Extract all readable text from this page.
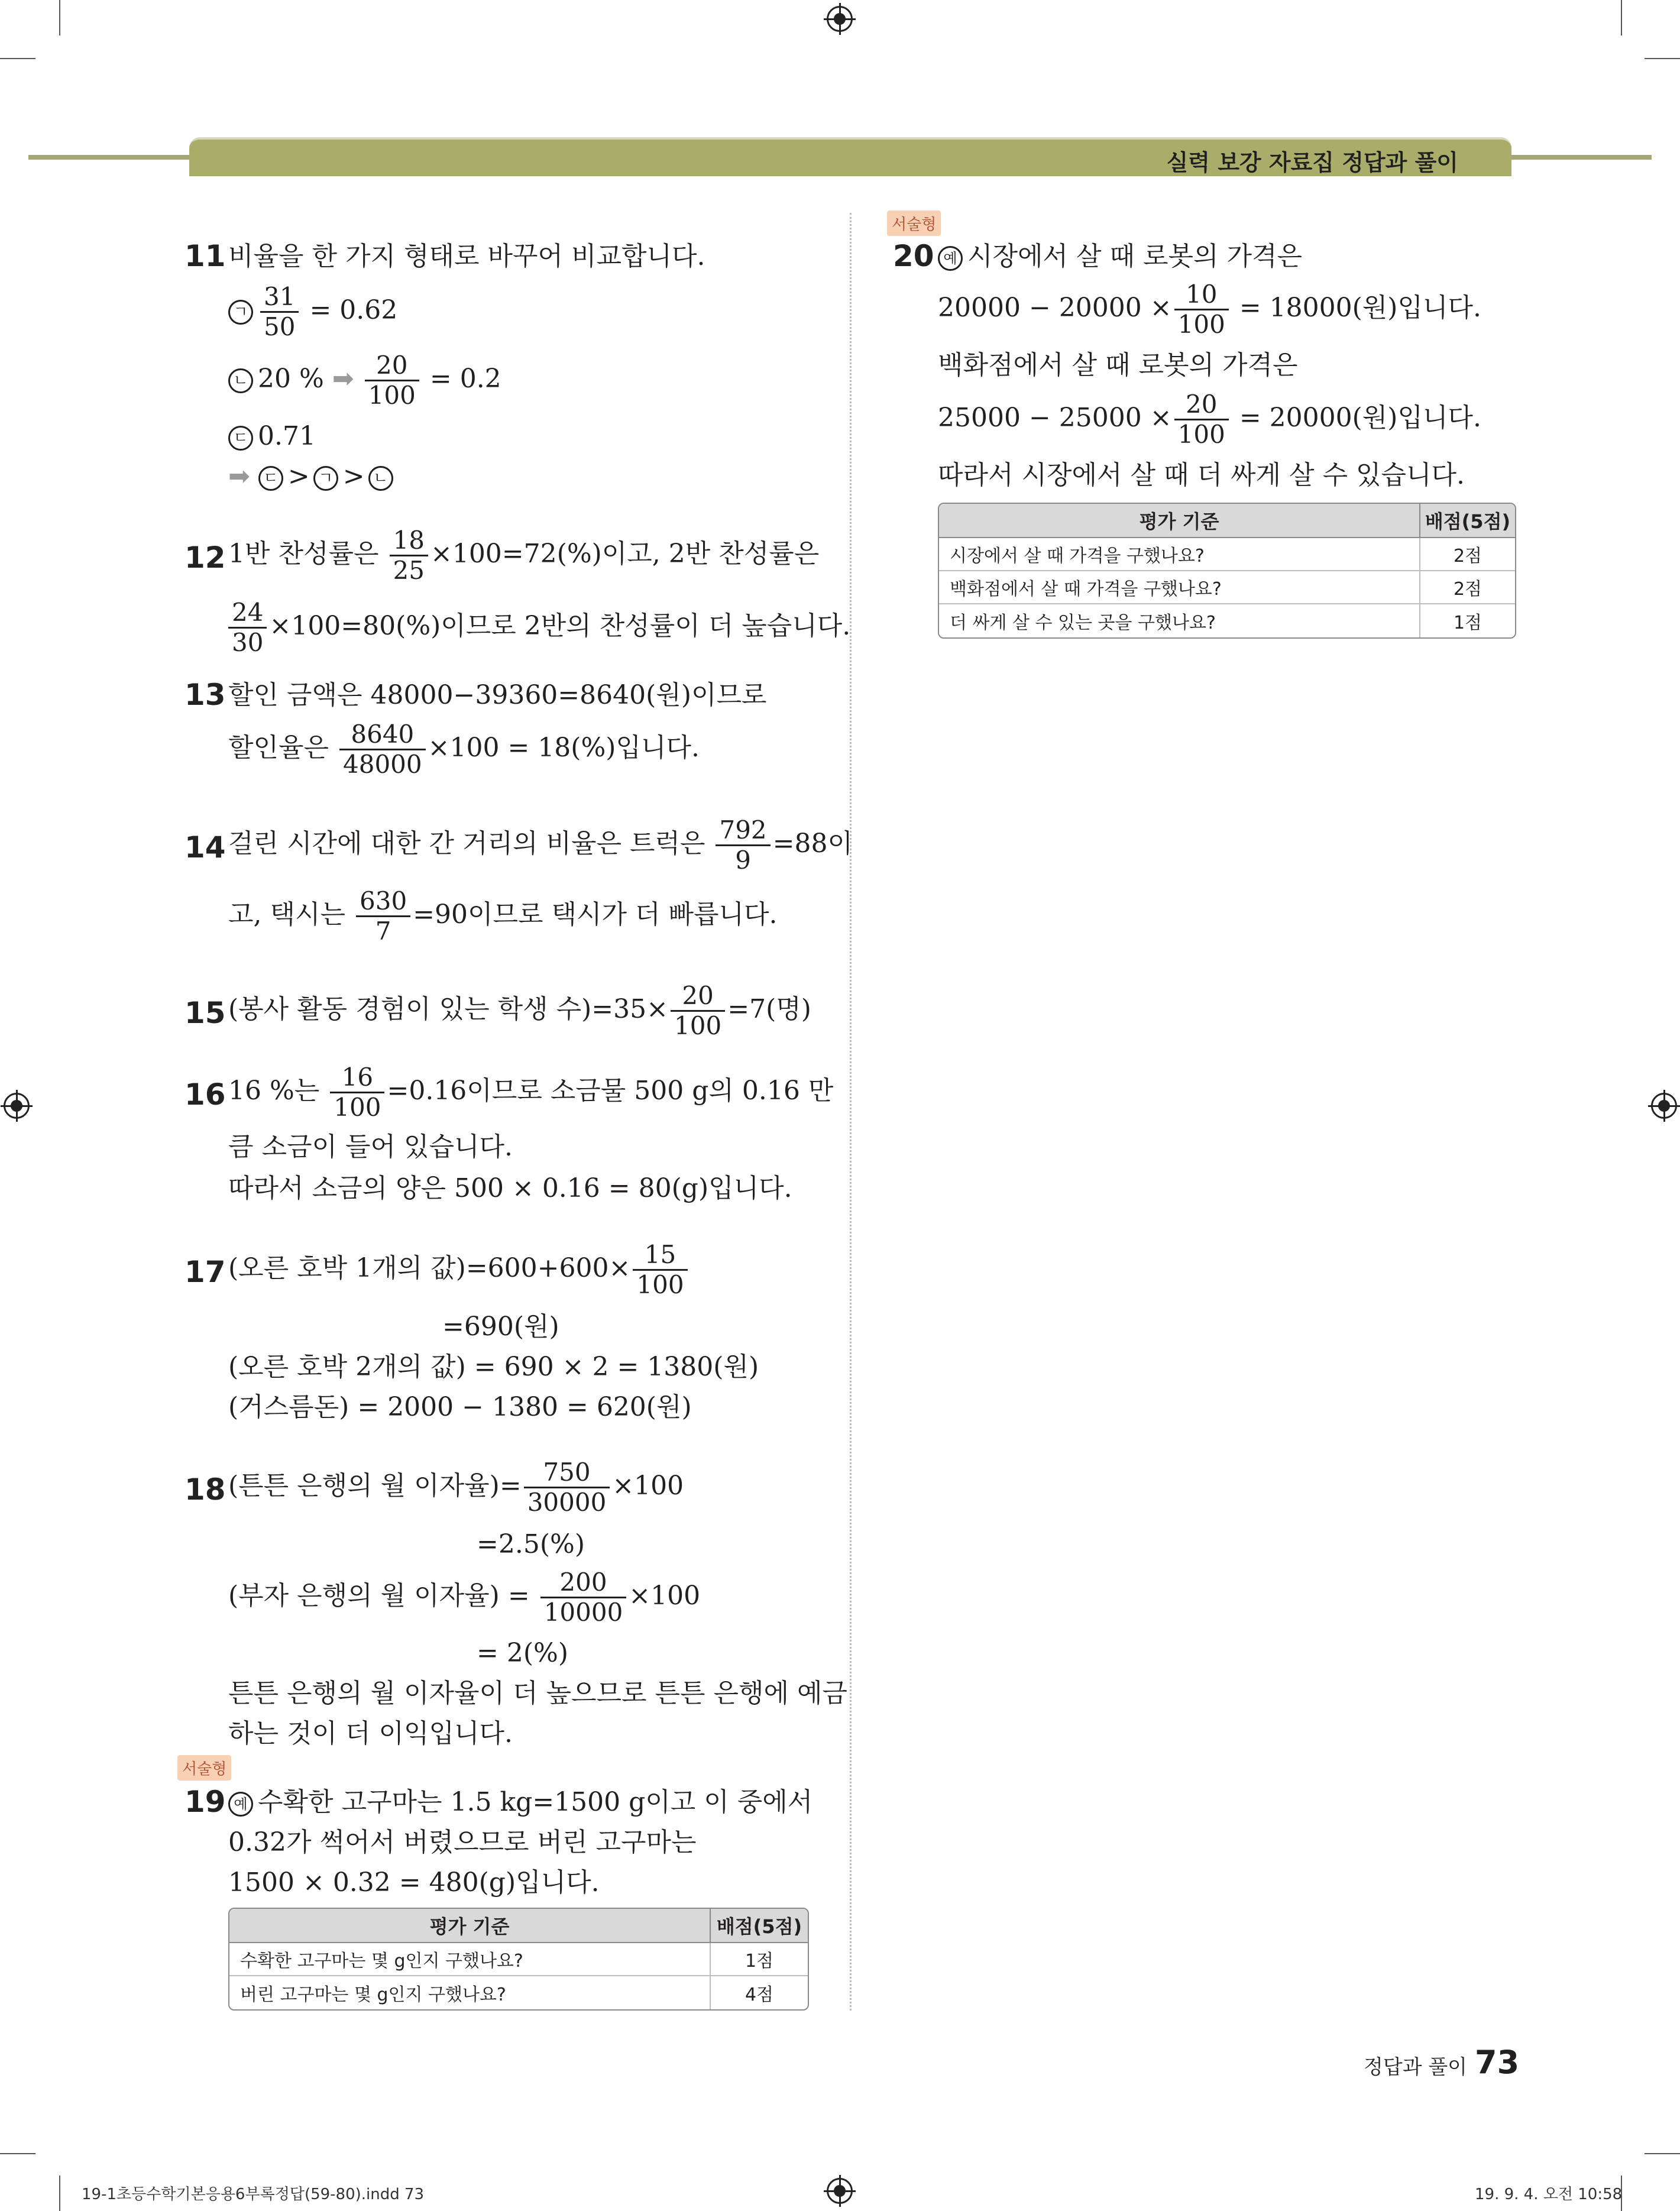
실력 보강 자료집 정답과 풀이
11 비율을 한 가지 형태로 바꾸어 비교합니다.
ㄱ $\frac{31}{50} = 0.62$
ㄴ 20 % ➡ $\frac{20}{100} = 0.2$
ㄷ 0.71
➡ ㄷ > ㄱ > ㄴ
12 1반 찬성률은 $\frac{18}{25} \times 100=72(\%)$이고, 2반 찬성률은
$\frac{24}{30} \times 100=80(\%)$이므로 2반의 찬성률이 더 높습니다.
13 할인 금액은 48000−39360=8640(원)이므로
할인율은 $\frac{8640}{48000} \times 100 = 18(\%)$입니다.
14 걸린 시간에 대한 간 거리의 비율은 트럭은 $\frac{792}{9} =88$이
고, 택시는 $\frac{630}{7} =90$이므로 택시가 더 빠릅니다.
15 (봉사 활동 경험이 있는 학생 수)$=35\times \frac{20}{100} =7$(명)
16 16 %는 $\frac{16}{100} =0.16$이므로 소금물 500 g의 0.16 만
큼 소금이 들어 있습니다.
따라서 소금의 양은 500 × 0.16 = 80(g)입니다.
17 (오른 호박 1개의 값)$=600+600\times \frac{15}{100}$
=690(원)
(오른 호박 2개의 값) = 690 × 2 = 1380(원)
(거스름돈) = 2000 − 1380 = 620(원)
18 (튼튼 은행의 월 이자율)= $\frac{750}{30000} \times 100$
=2.5(%)
(부자 은행의 월 이자율) = $\frac{200}{10000} \times 100$
= 2(%)
튼튼 은행의 월 이자율이 더 높으므로 튼튼 은행에 예금
하는 것이 더 이익입니다.
서술형
19 예 수확한 고구마는 1.5 kg=1500 g이고 이 중에서
0.32가 썩어서 버렸으므로 버린 고구마는
1500 × 0.32 = 480(g)입니다.
평가 기준	배점(5점)
수확한 고구마는 몇 g인지 구했나요?	1점
버린 고구마는 몇 g인지 구했나요?	4점
서술형
20 예 시장에서 살 때 로봇의 가격은
$20000 - 20000 \times \frac{10}{100} = 18000$(원)입니다.
백화점에서 살 때 로봇의 가격은
$25000 - 25000 \times \frac{20}{100} = 20000$(원)입니다.
따라서 시장에서 살 때 더 싸게 살 수 있습니다.
평가 기준	배점(5점)
시장에서 살 때 가격을 구했나요?	2점
백화점에서 살 때 가격을 구했나요?	2점
더 싸게 살 수 있는 곳을 구했나요?	1점
정답과 풀이 73
19-1초등수학기본응용6부록정답(59-80).indd 73	19. 9. 4. 오전 10:58
